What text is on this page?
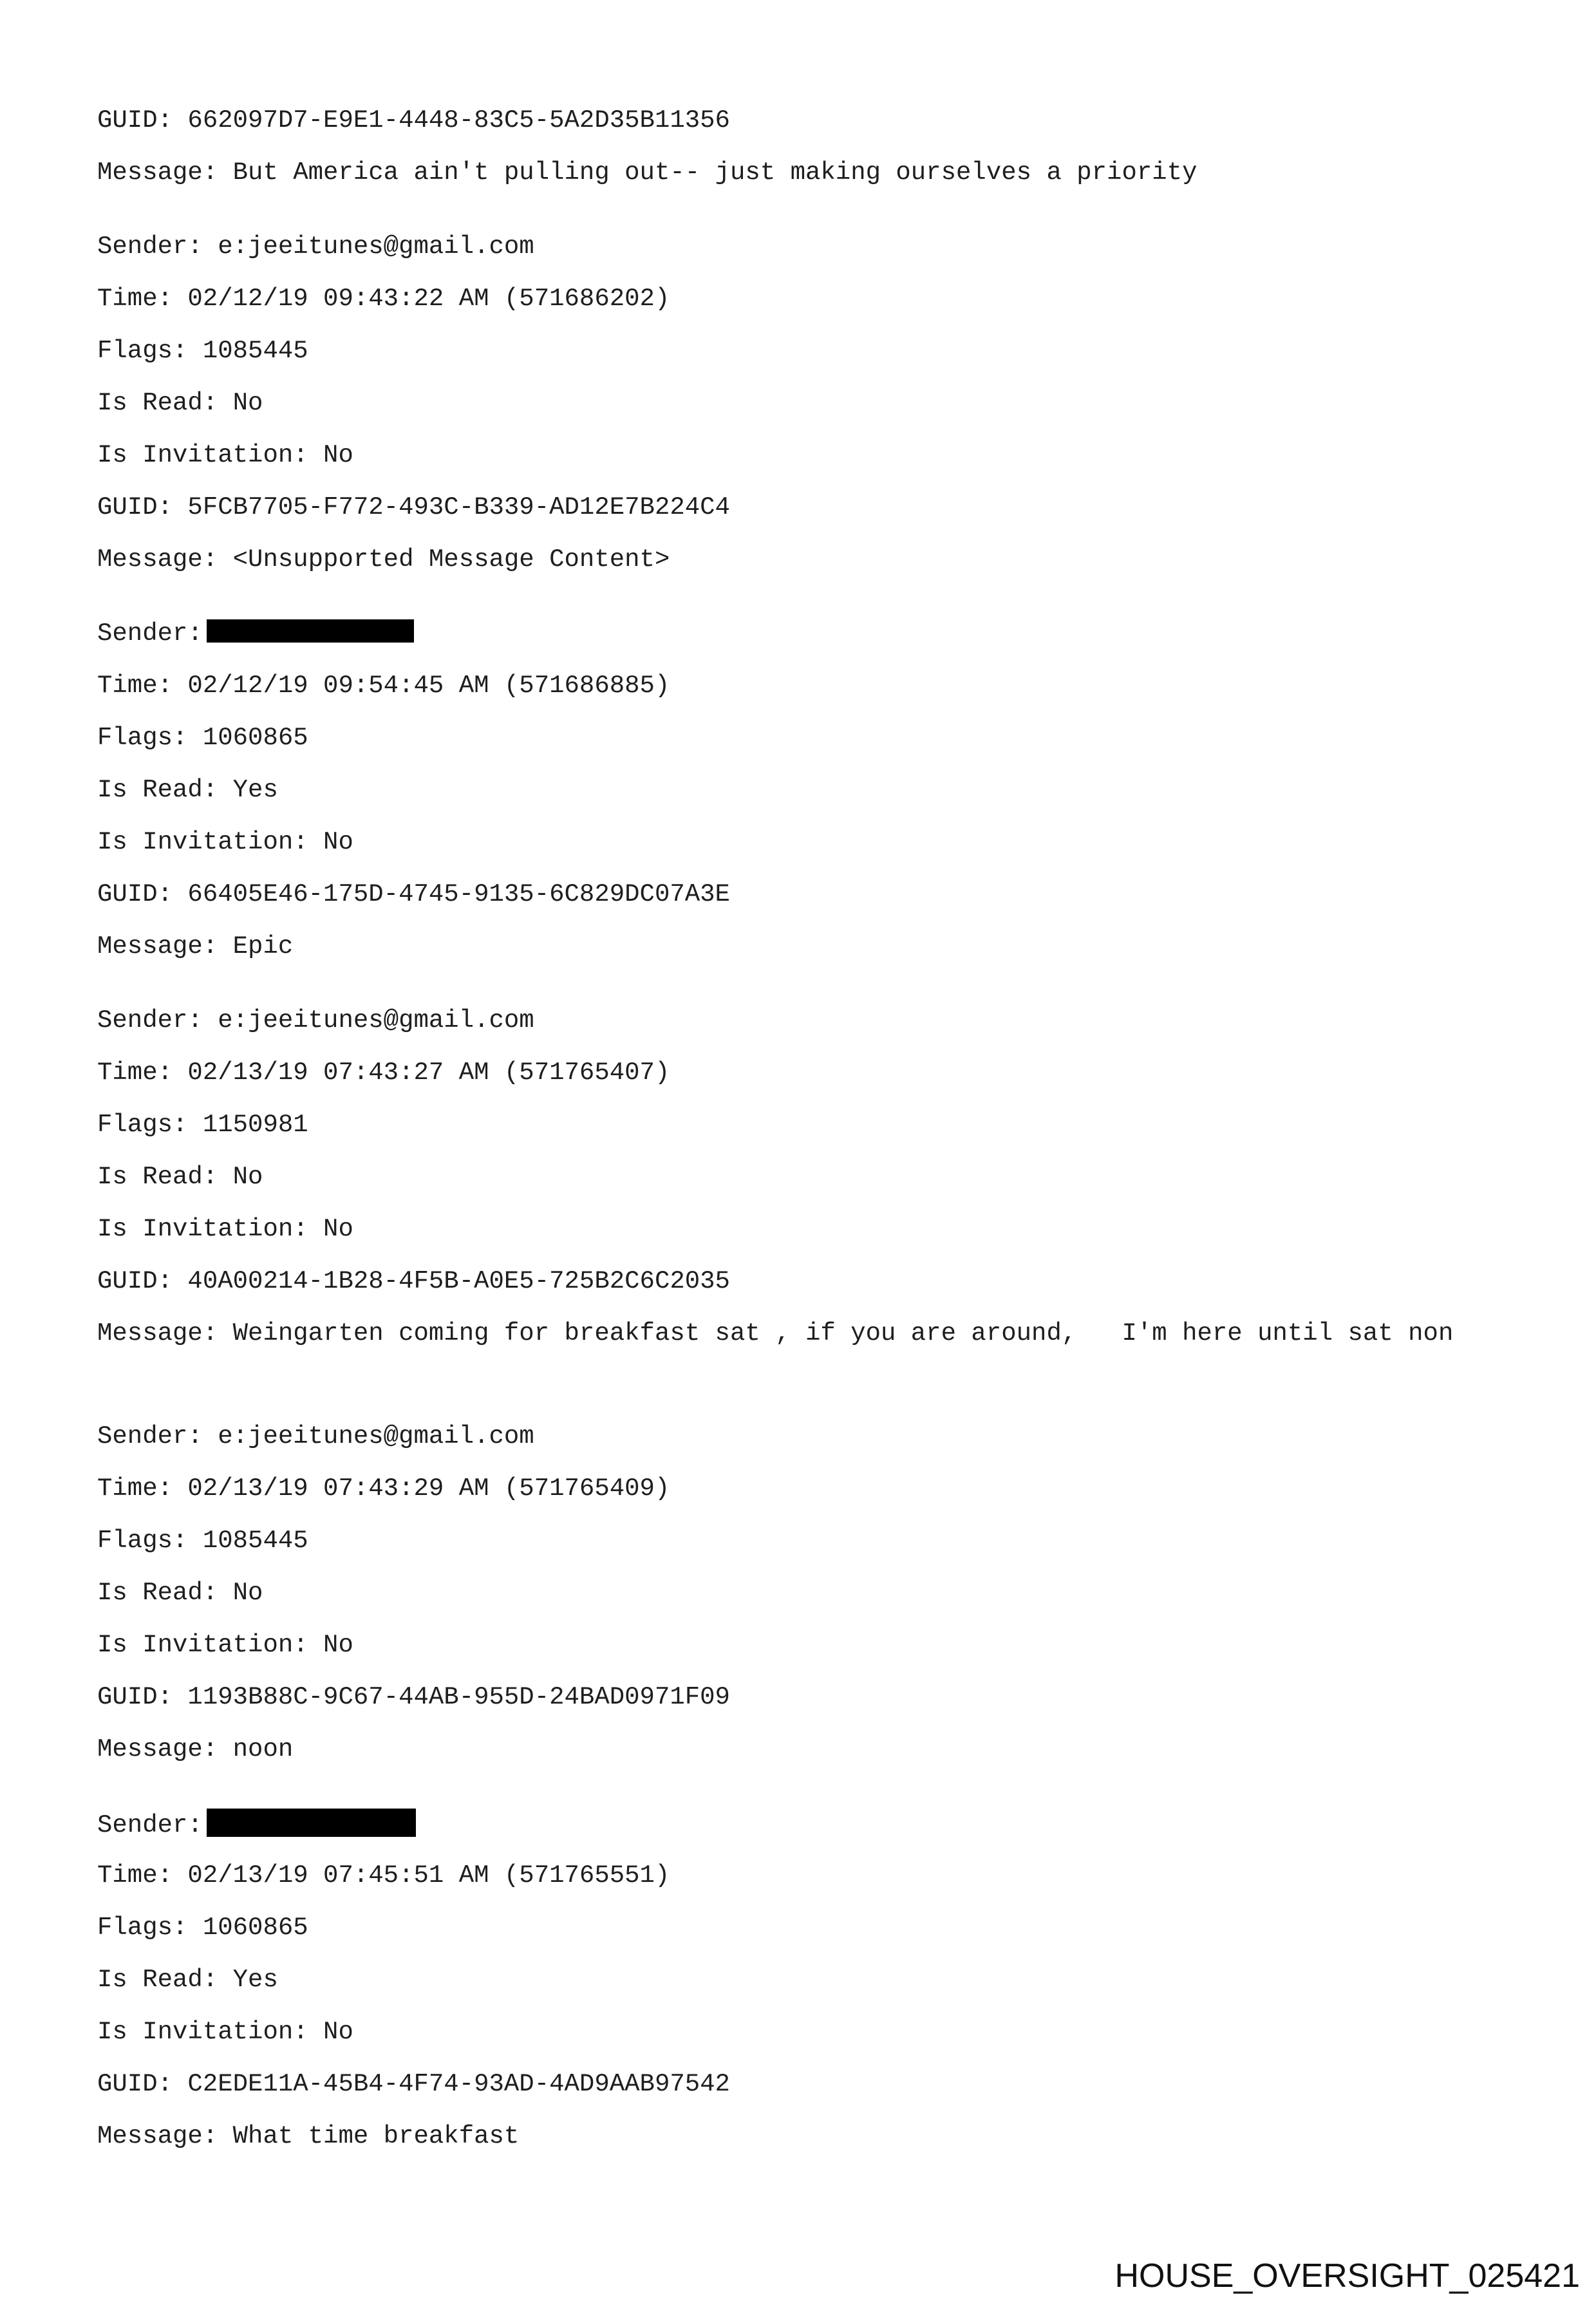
GUID: 662097D7-E9E1-4448-83C5-5A2D35B11356
Message: But America ain't pulling out-- just making ourselves a priority
Sender: e:jeeitunes@gmail.com
Time: 02/12/19 09:43:22 AM (571686202)
Flags: 1085445
Is Read: No
Is Invitation: No
GUID: 5FCB7705-F772-493C-B339-AD12E7B224C4
Message: <Unsupported Message Content>
Sender:
Time: 02/12/19 09:54:45 AM (571686885)
Flags: 1060865
Is Read: Yes
Is Invitation: No
GUID: 66405E46-175D-4745-9135-6C829DC07A3E
Message: Epic
Sender: e:jeeitunes@gmail.com
Time: 02/13/19 07:43:27 AM (571765407)
Flags: 1150981
Is Read: No
Is Invitation: No
GUID: 40A00214-1B28-4F5B-A0E5-725B2C6C2035
Message: Weingarten coming for breakfast sat , if you are around,   I'm here until sat non
Sender: e:jeeitunes@gmail.com
Time: 02/13/19 07:43:29 AM (571765409)
Flags: 1085445
Is Read: No
Is Invitation: No
GUID: 1193B88C-9C67-44AB-955D-24BAD0971F09
Message: noon
Sender:
Time: 02/13/19 07:45:51 AM (571765551)
Flags: 1060865
Is Read: Yes
Is Invitation: No
GUID: C2EDE11A-45B4-4F74-93AD-4AD9AAB97542
Message: What time breakfast
HOUSE_OVERSIGHT_025421
